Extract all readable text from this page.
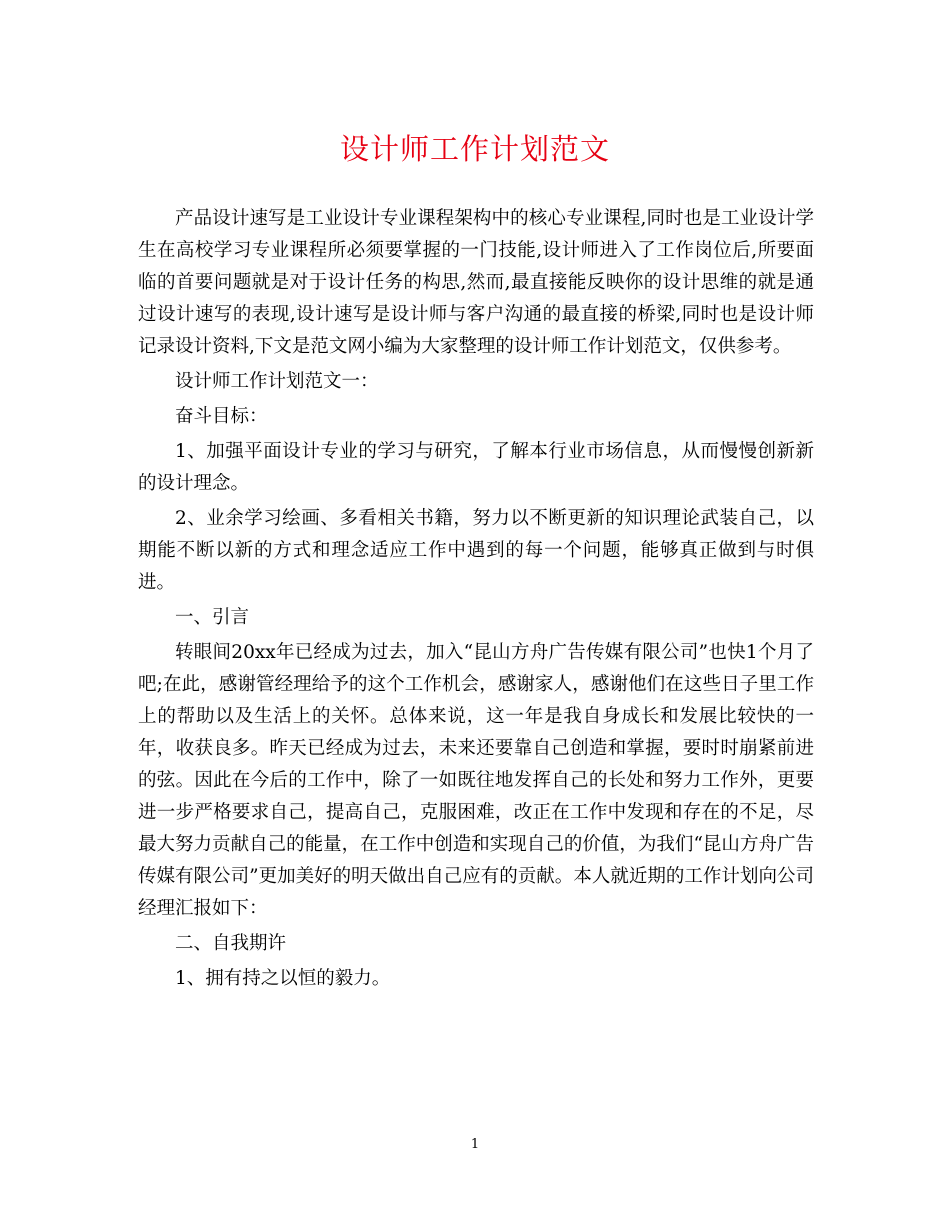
设计师工作计划范文

产品设计速写是工业设计专业课程架构中的核心专业课程,同时也是工业设计学生在高校学习专业课程所必须要掌握的一门技能,设计师进入了工作岗位后,所要面临的首要问题就是对于设计任务的构思,然而,最直接能反映你的设计思维的就是通过设计速写的表现,设计速写是设计师与客户沟通的最直接的桥梁,同时也是设计师记录设计资料,下文是范文网小编为大家整理的设计师工作计划范文，仅供参考。

设计师工作计划范文一：

奋斗目标：

1、加强平面设计专业的学习与研究，了解本行业市场信息，从而慢慢创新新的设计理念。

2、业余学习绘画、多看相关书籍，努力以不断更新的知识理论武装自己，以期能不断以新的方式和理念适应工作中遇到的每一个问题，能够真正做到与时俱进。

一、引言

转眼间20xx年已经成为过去，加入“昆山方舟广告传媒有限公司”也快1个月了吧;在此，感谢管经理给予的这个工作机会，感谢家人，感谢他们在这些日子里工作上的帮助以及生活上的关怀。总体来说，这一年是我自身成长和发展比较快的一年，收获良多。昨天已经成为过去，未来还要靠自己创造和掌握，要时时崩紧前进的弦。因此在今后的工作中，除了一如既往地发挥自己的长处和努力工作外，更要进一步严格要求自己，提高自己，克服困难，改正在工作中发现和存在的不足，尽最大努力贡献自己的能量，在工作中创造和实现自己的价值，为我们“昆山方舟广告传媒有限公司”更加美好的明天做出自己应有的贡献。本人就近期的工作计划向公司经理汇报如下：

二、自我期许

1、拥有持之以恒的毅力。

1
